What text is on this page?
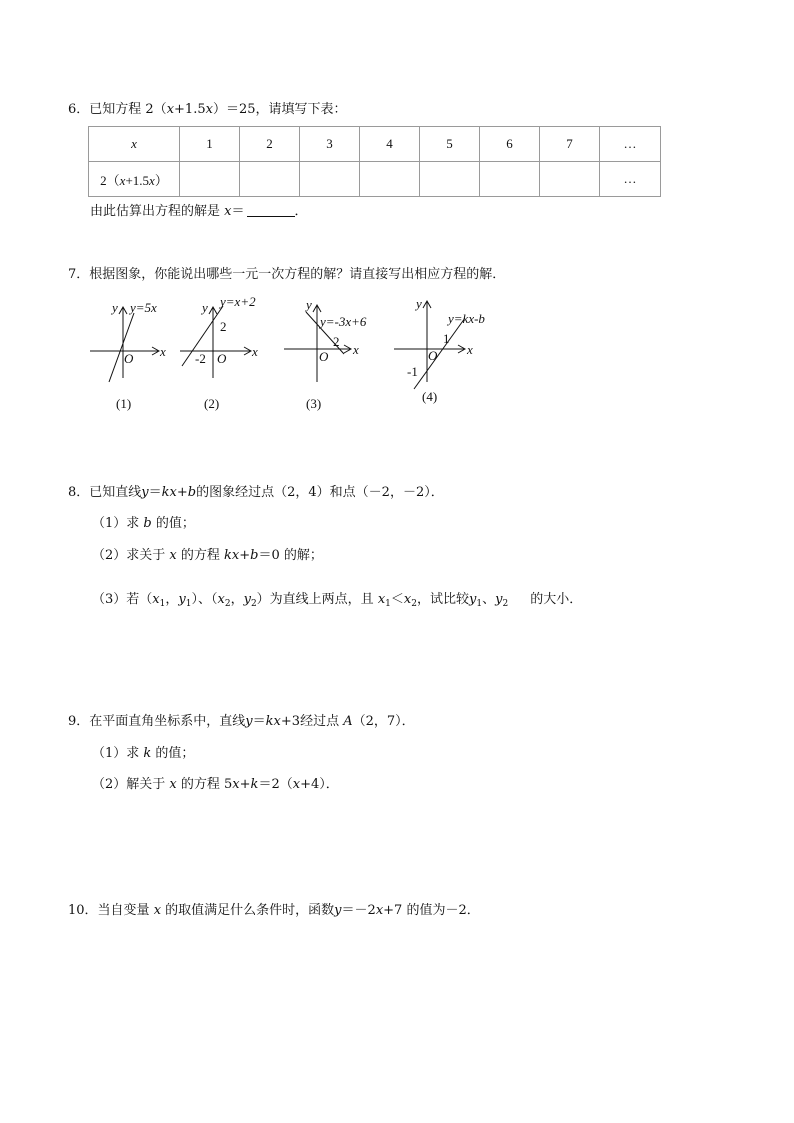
6．已知方程 2（x+1.5x）＝25，请填写下表：
x	1	2	3	4	5	6	7	…
2（x+1.5x）								…
由此估算出方程的解是 x＝	．
7．根据图象，你能说出哪些一元一次方程的解？请直接写出相应方程的解．
y y=5x
x
O
(1)
y y=x+2
2
-2 O x
(2)
y
y=-3x+6
2
O x
(3)
y
y=kx-b
1
O
-1
x
(4)
8．已知直线y＝kx+b的图象经过点（2，4）和点（－2，－2）．
（1）求 b 的值；
（2）求关于 x 的方程 kx+b＝0 的解；
（3）若（$x_1$，$y_1$）、（$x_2$，$y_2$）为直线上两点，且 $x_1<x_2$，试比较$y_1$、$y_2$ 的大小．
9．在平面直角坐标系中，直线y＝kx+3经过点 A（2，7）．
（1）求 k 的值；
（2）解关于 x 的方程 5x+k＝2（x+4）．
10．当自变量 x 的取值满足什么条件时，函数y＝－2x+7 的值为－2．
